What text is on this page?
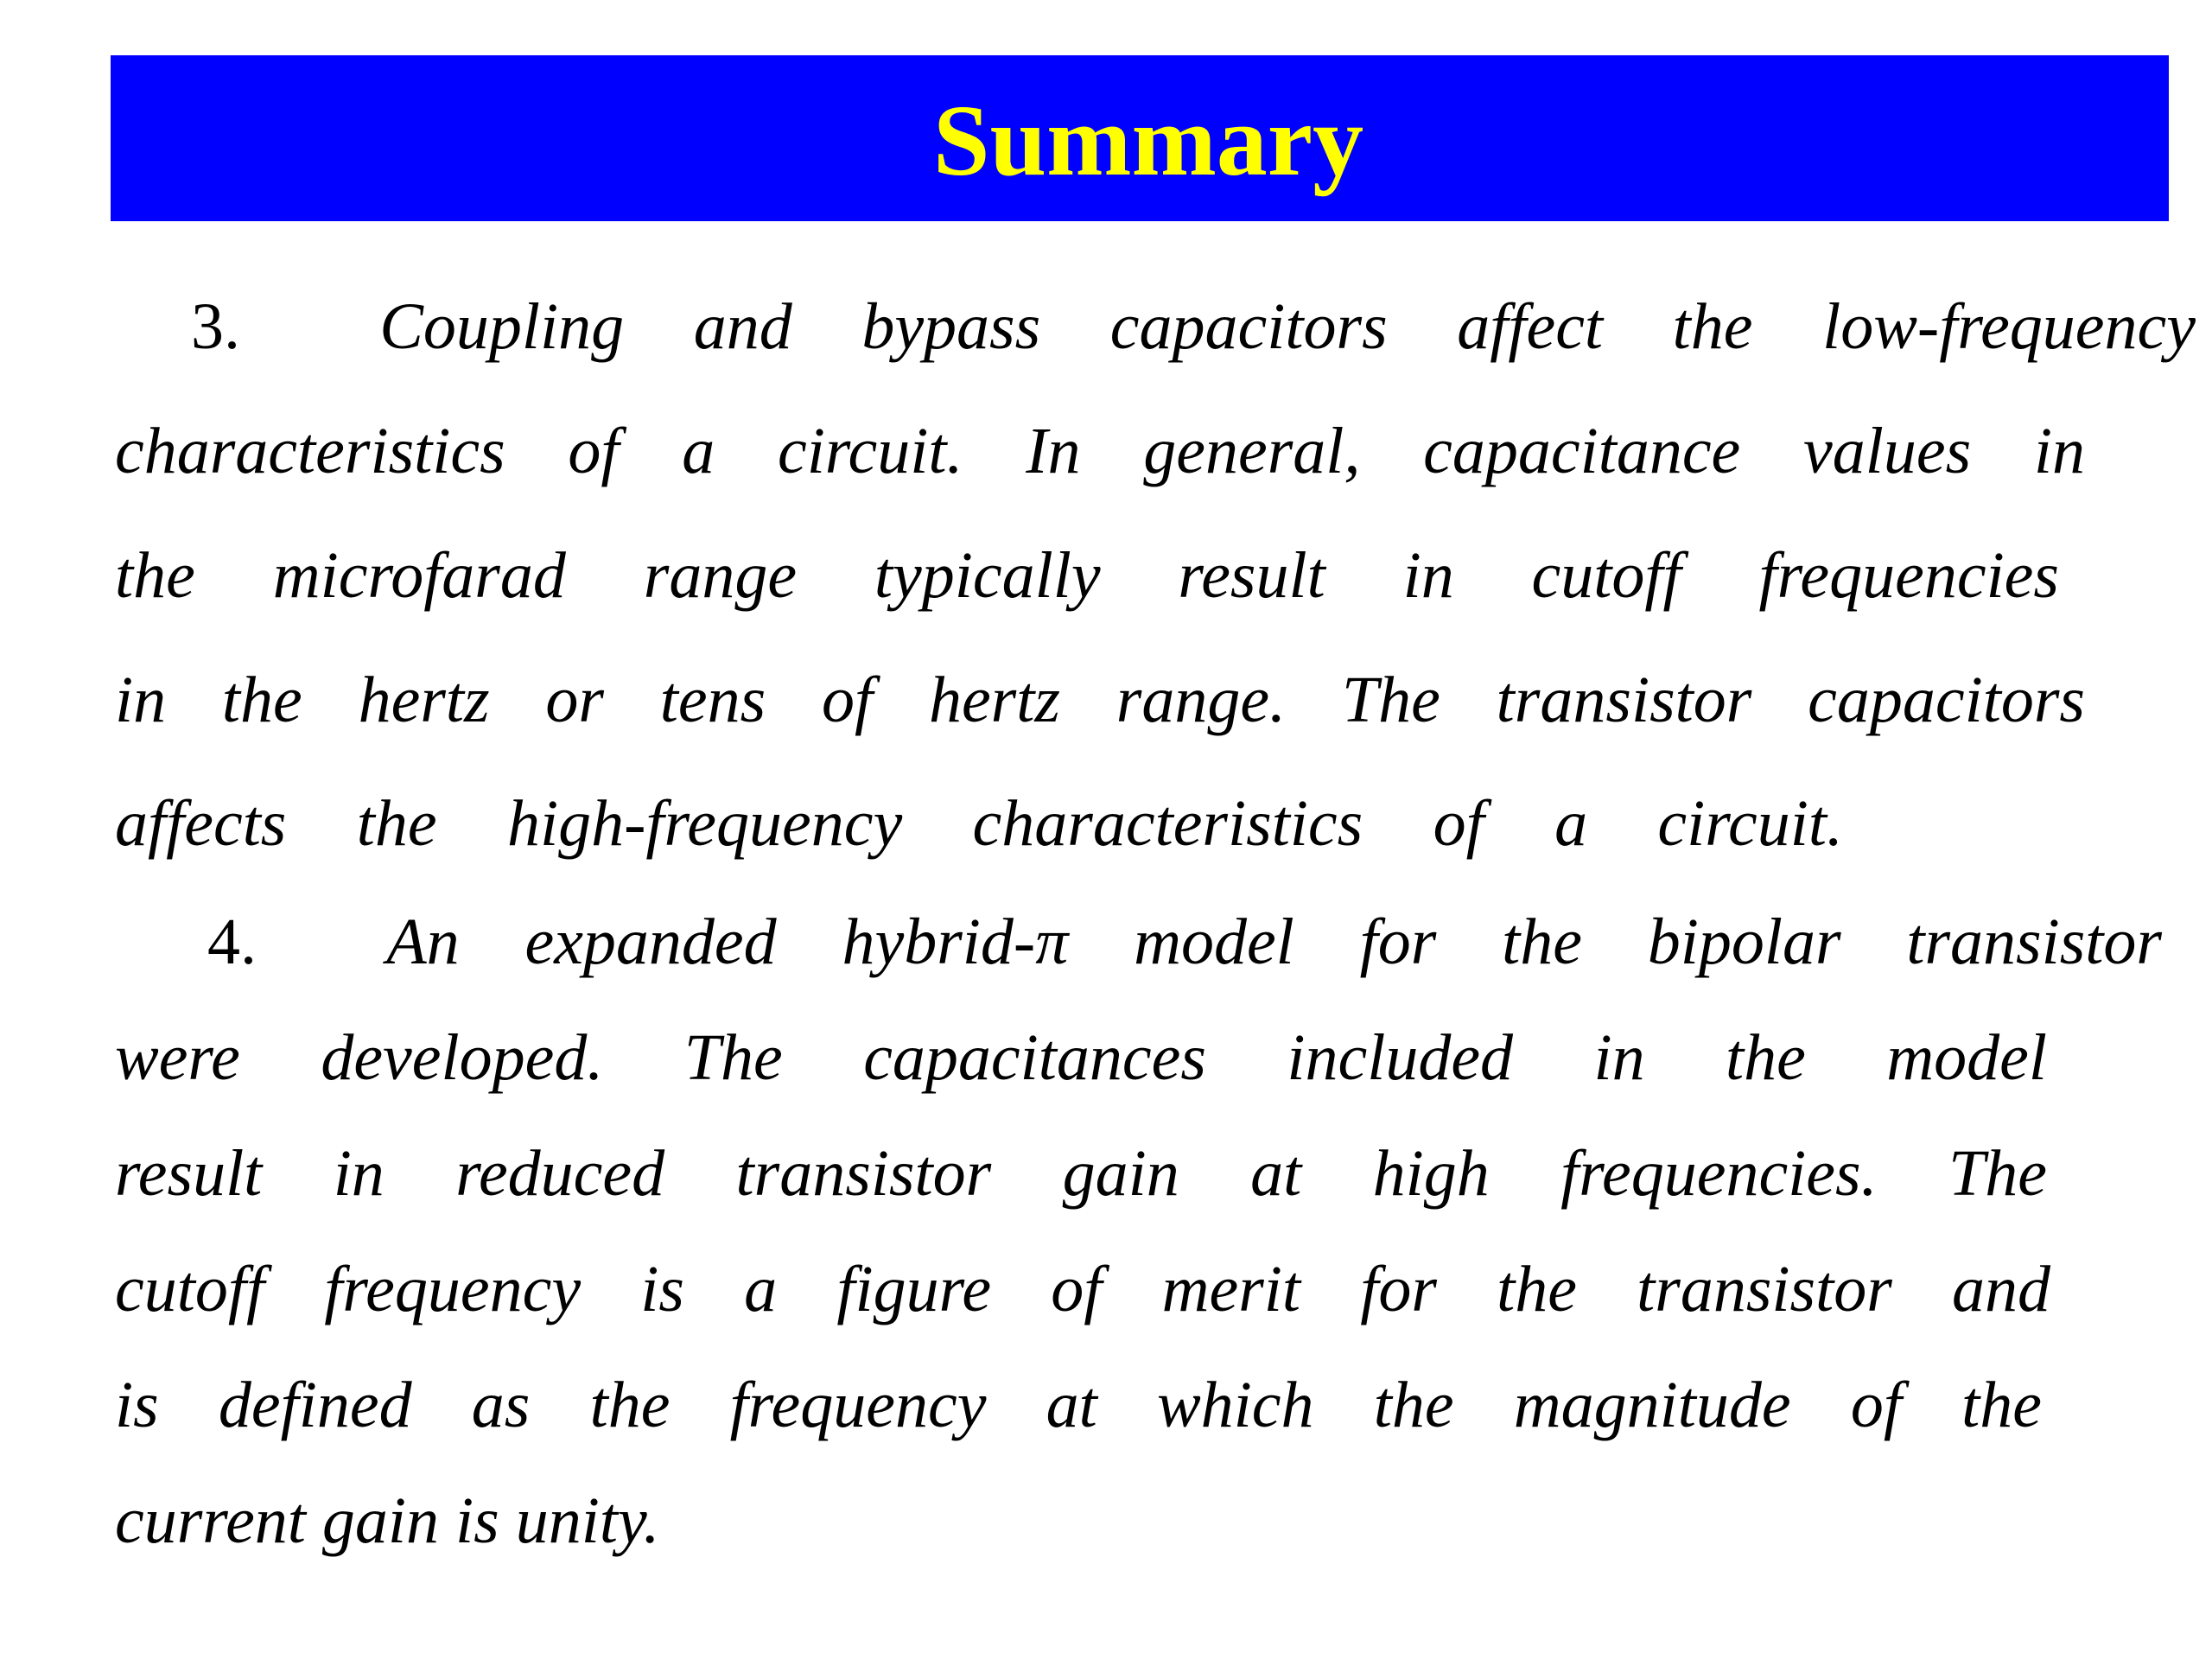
Summary
3. Coupling and bypass capacitors affect the low-frequency
characteristics of a circuit. In general, capacitance values in
the microfarad range typically result in cutoff frequencies
in the hertz or tens of hertz range. The transistor capacitors
affects the high-frequency characteristics of a circuit.
4. An expanded hybrid-π model for the bipolar transistor
were developed. The capacitances included in the model
result in reduced transistor gain at high frequencies. The
cutoff frequency is a figure of merit for the transistor and
is defined as the frequency at which the magnitude of the
current gain is unity.
